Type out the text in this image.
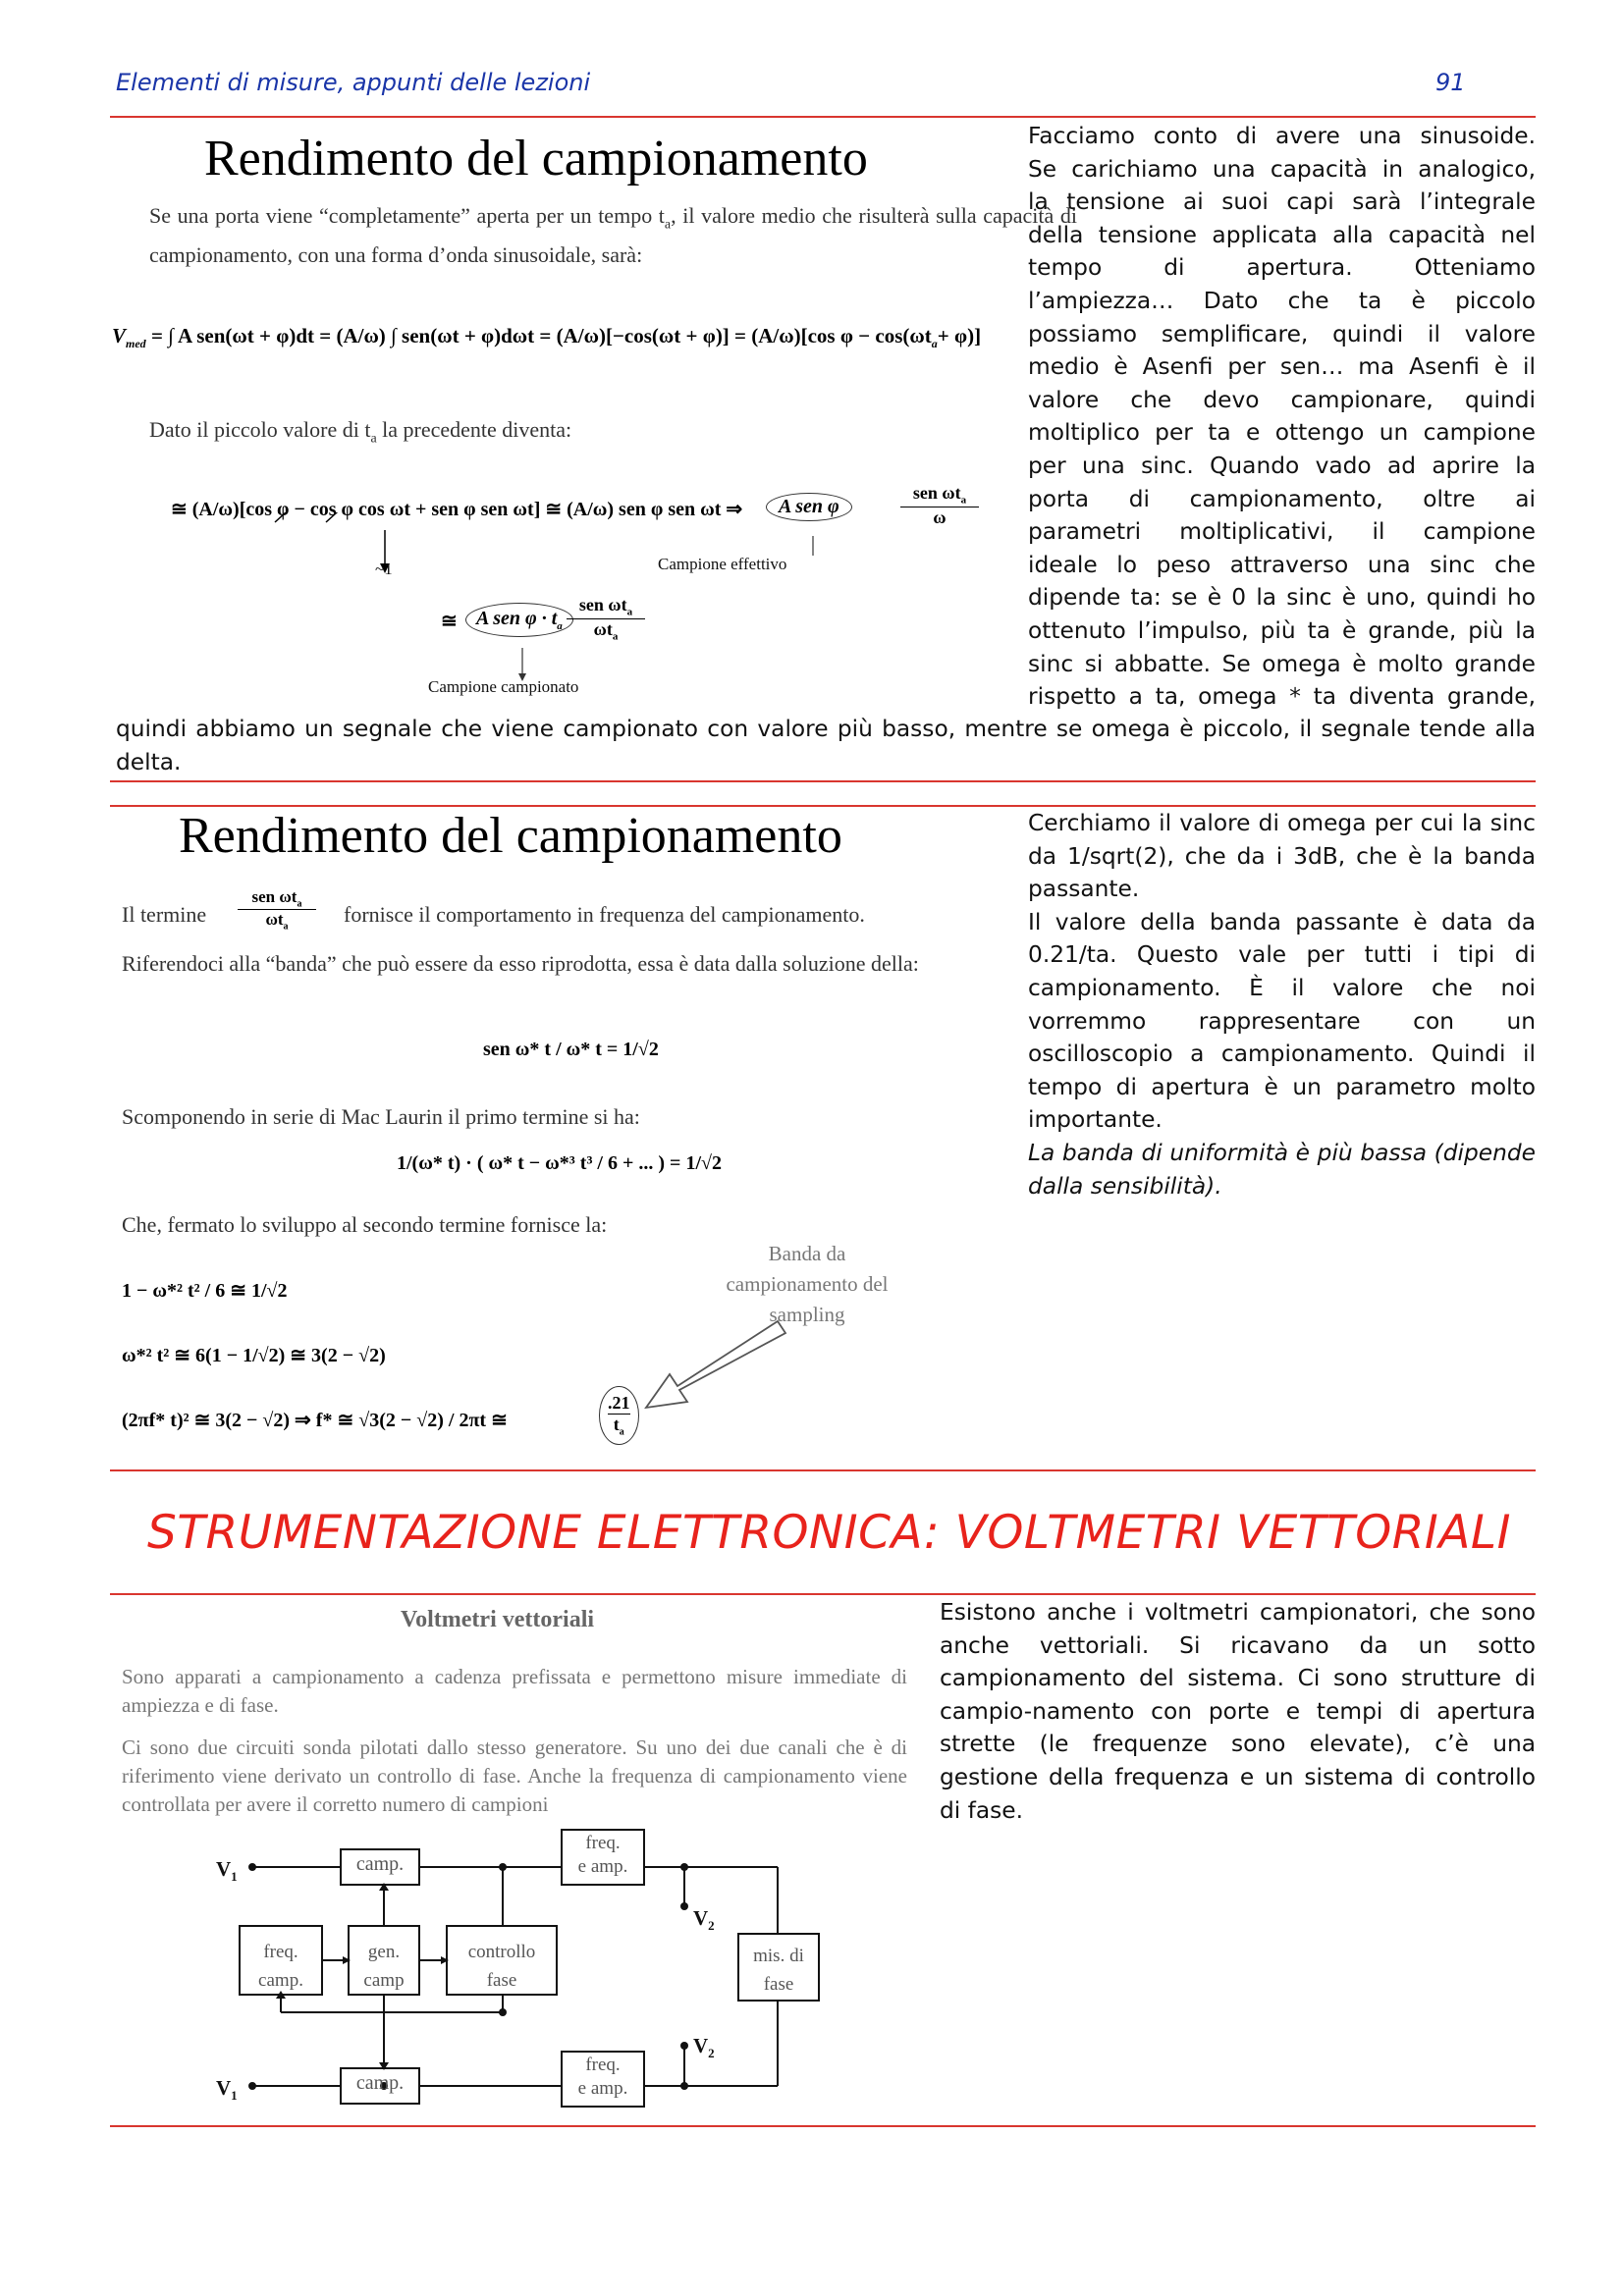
Elementi di misure, appunti delle lezioni	91
Rendimento del campionamento
Se una porta viene “completamente” aperta per un tempo $t_a$, il valore medio che risulterà sulla capacità di campionamento, con una forma d’onda sinusoidale, sarà:
$V_{med}$ = ∫ A sen(ωt + φ)dt = (A/ω) ∫ sen(ωt + φ)dωt = (A/ω)[−cos(ωt + φ)] = (A/ω)[cos $\varphi - \cos(\omega t_a+ \varphi)$]
Dato il piccolo valore di $t_a$ la precedente diventa:
≅ (A/ω)[cos φ − cos φ cos ωt + sen φ sen ωt] ≅ (A/ω) sen φ sen ωt ⇒	A sen φ
sen $\omega t_a$
ω
~1	Campione effettivo
≅ A sen $\varphi \cdot t_a$
sen $\omega t_a$
$\omega t_a$
Campione campionato

Facciamo conto di avere una sinusoide.

Se carichiamo una capacità in analogico,

la tensione ai suoi capi sarà l’integrale

della tensione applicata alla capacità nel

tempo di apertura. Otteniamo

l’ampiezza… Dato che ta è piccolo

possiamo semplificare, quindi il valore

medio è Asenfi per sen… ma Asenfi è il

valore che devo campionare, quindi

moltiplico per ta e ottengo un campione

per una sinc. Quando vado ad aprire la

porta di campionamento, oltre ai

parametri moltiplicativi, il campione

ideale lo peso attraverso una sinc che

dipende ta: se è 0 la sinc è uno, quindi ho

ottenuto l’impulso, più ta è grande, più la

sinc si abbatte. Se omega è molto grande

rispetto a ta, omega * ta diventa grande,

quindi abbiamo un segnale che viene campionato con valore più basso, mentre se omega è piccolo, il segnale tende alla delta.
Rendimento del campionamento
Il termine
sen $\omega t_a$
$\omega t_a$
fornisce il comportamento in frequenza del campionamento.
Riferendoci alla “banda” che può essere da esso riprodotta, essa è data dalla soluzione della:
sen ω* t / ω* t = 1/√2
Scomponendo in serie di Mac Laurin il primo termine si ha:
1/(ω* t) · ( ω* t − ω*³ t³ / 6 + ... ) = 1/√2
Che, fermato lo sviluppo al secondo termine fornisce la:
1 − ω*² t² / 6 ≅ 1/√2
ω*² t² ≅ 6(1 − 1/√2) ≅ 3(2 − √2)
(2πf* t)² ≅ 3(2 − √2) ⇒ f* ≅ √3(2 − √2) / 2πt ≅
.21
$t_a$
Banda da campionamento del sampling

Cerchiamo il valore di omega per cui la sinc da 1/sqrt(2), che da i 3dB, che è la banda passante.

Il valore della banda passante è data da 0.21/ta. Questo vale per tutti i tipi di campionamento. È il valore che noi vorremmo rappresentare con un oscilloscopio a campionamento. Quindi il tempo di apertura è un parametro molto importante.

La banda di uniformità è più bassa (dipende dalla sensibilità).

STRUMENTAZIONE ELETTRONICA: VOLTMETRI VETTORIALI
Voltmetri vettoriali
Sono apparati a campionamento a cadenza prefissata e permettono misure immediate di ampiezza e di fase.
Ci sono due circuiti sonda pilotati dallo stesso generatore. Su uno dei due canali che è di riferimento viene derivato un controllo di fase. Anche la frequenza di campionamento viene controllata per avere il corretto numero di campioni
$V_1$
$V_1$
$V_2$
$V_2$
camp.
camp.
freq.
e amp.
freq.
e amp.
freq.
camp.
gen.
camp
controllo
fase
mis. di
fase
Esistono anche i voltmetri campionatori, che sono anche vettoriali. Si ricavano da un sotto campionamento del sistema. Ci sono strutture di campio-namento con porte e tempi di apertura strette (le frequenze sono elevate), c’è una gestione della frequenza e un sistema di controllo di fase.
